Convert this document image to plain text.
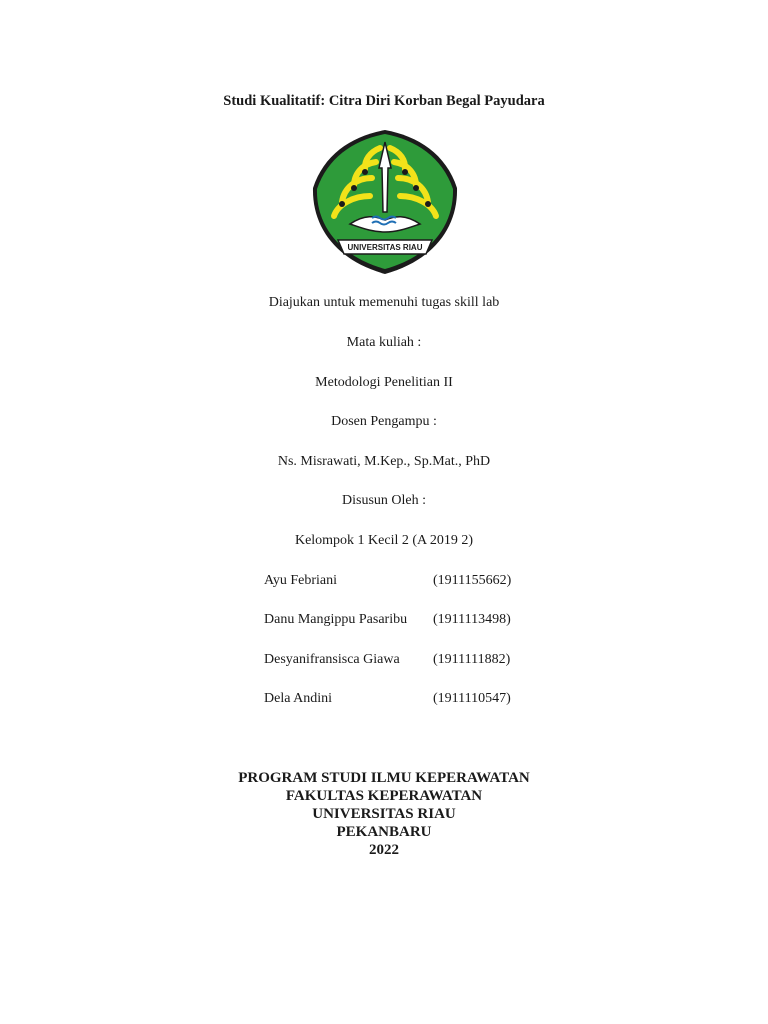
Studi Kualitatif: Citra Diri Korban Begal Payudara
UNIVERSITAS RIAU
Diajukan untuk memenuhi tugas skill lab
Mata kuliah :
Metodologi Penelitian II
Dosen Pengampu :
Ns. Misrawati, M.Kep., Sp.Mat., PhD
Disusun Oleh :
Kelompok 1 Kecil 2 (A 2019 2)
Ayu Febriani	(1911155662)
Danu Mangippu Pasaribu (1911113498)
Desyanifransisca Giawa (1911111882)
Dela Andini	(1911110547)
PROGRAM STUDI ILMU KEPERAWATAN
FAKULTAS KEPERAWATAN
UNIVERSITAS RIAU
PEKANBARU
2022
